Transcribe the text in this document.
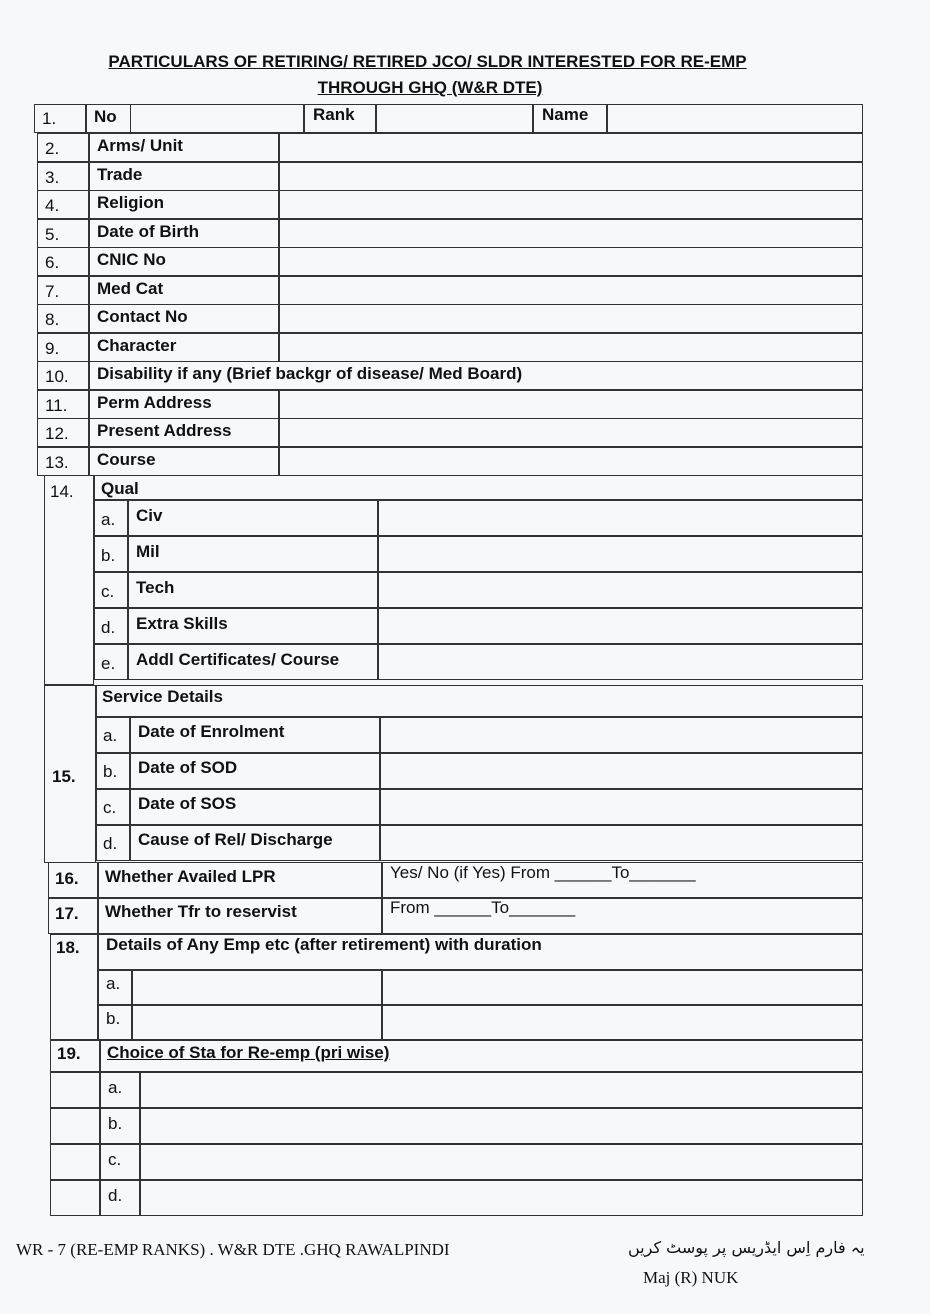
PARTICULARS OF RETIRING/ RETIRED JCO/ SLDR INTERESTED FOR RE-EMP
THROUGH GHQ (W&R DTE)
1. No	Rank	Name
2. Arms/ Unit
3. Trade
4. Religion
5. Date of Birth
6. CNIC No
7. Med Cat
8. Contact No
9. Character
10. Disability if any (Brief backgr of disease/ Med Board)
11. Perm Address
12. Present Address
13. Course
14. Qual
a. Civ
b. Mil
c. Tech
d. Extra Skills
e. Addl Certificates/ Course
15.
Service Details
a. Date of Enrolment
b. Date of SOD
c. Date of SOS
d. Cause of Rel/ Discharge
16. Whether Availed LPR	Yes/ No (if Yes) From ______To_______
17. Whether Tfr to reservist	From ______To_______
18. Details of Any Emp etc (after retirement) with duration
a.
b.
19. Choice of Sta for Re-emp (pri wise)
a.
b.
c.
d.
WR - 7 (RE-EMP RANKS) . W&R DTE .GHQ RAWALPINDI	یہ فارم اِس ایڈریس پر پوسٹ کریں
Maj (R) NUK
